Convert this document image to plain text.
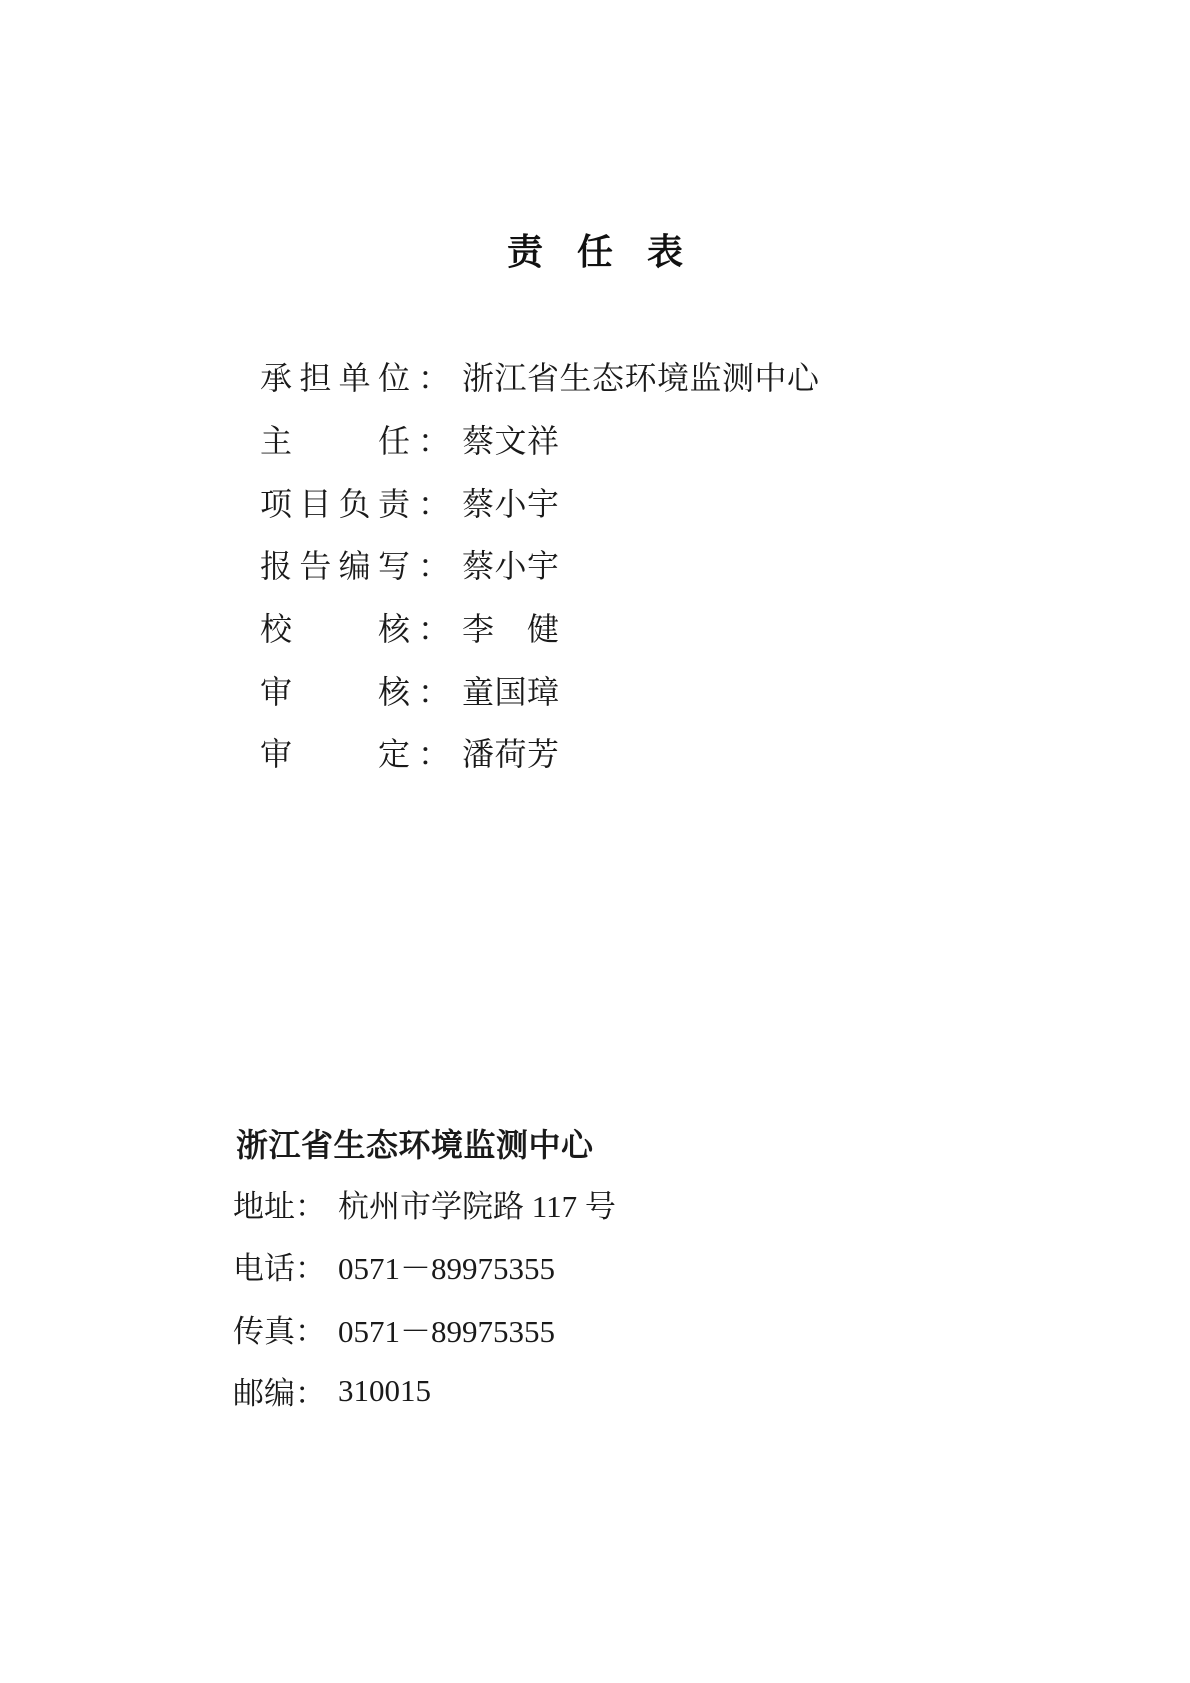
责 任 表
承 担 单 位 ： 浙江省生态环境监测中心
主	任 ： 蔡文祥
项 目 负 责 ： 蔡小宇
报 告 编 写 ： 蔡小宇
校	核 ： 李　健
审	核 ： 童国璋
审	定 ： 潘荷芳
浙江省生态环境监测中心
地址 ： 杭州市学院路 117 号
电话 ： 0571－89975355
传真 ： 0571－89975355
邮编 ： 310015
